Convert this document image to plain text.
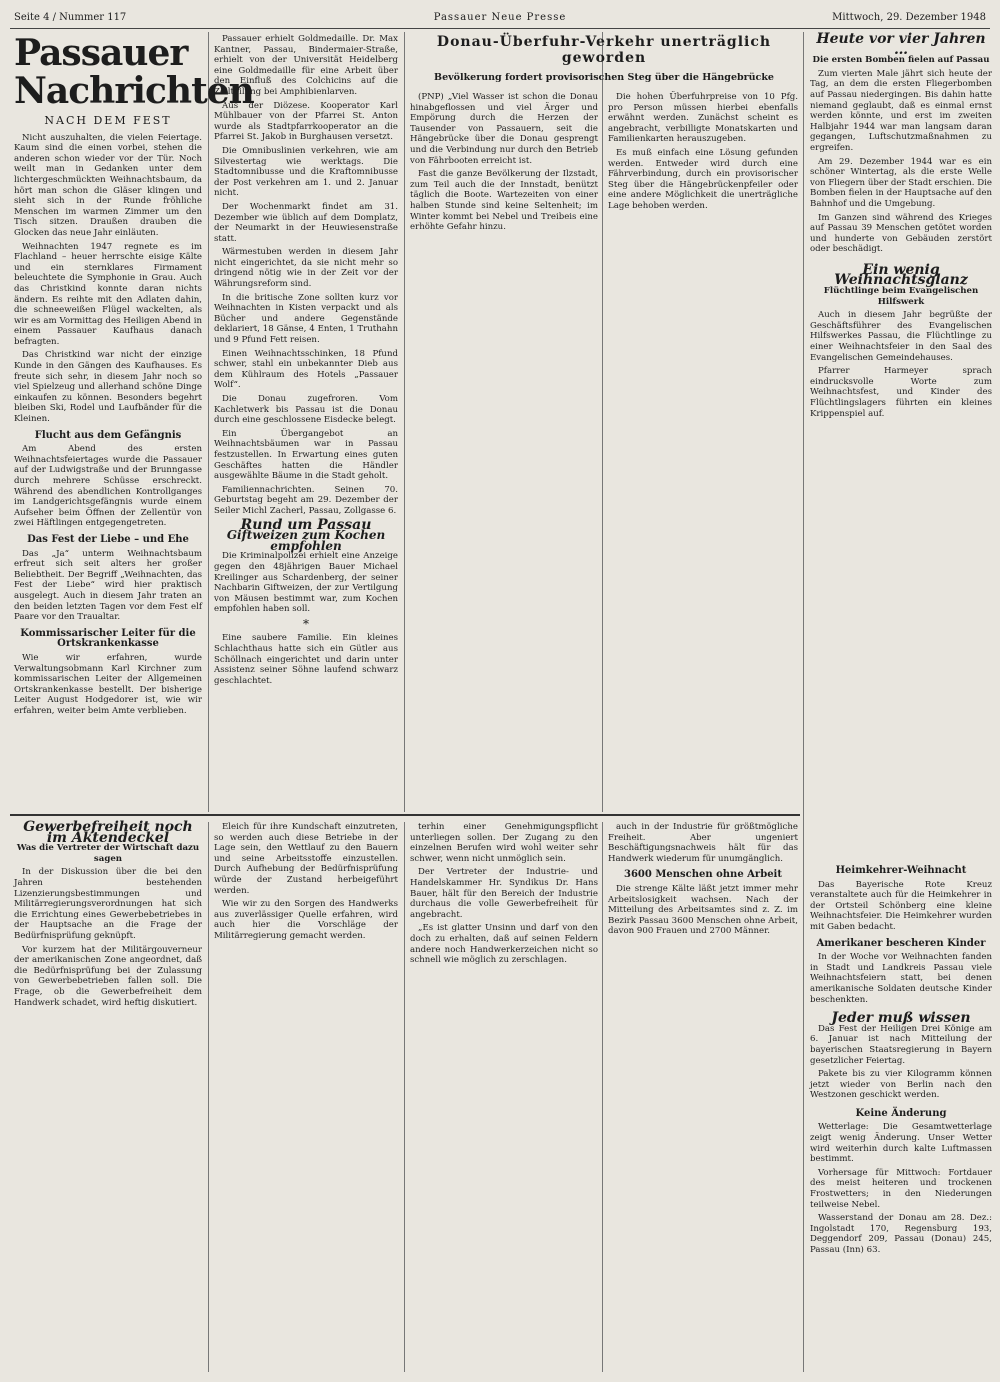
Seite 4 / Nummer 117	Passauer Neue Presse	Mittwoch, 29. Dezember 1948
Passauer Nachrichten
NACH DEM FEST

Nicht auszuhalten, die vielen Feiertage. Kaum sind die einen vorbei, stehen die anderen schon wieder vor der Tür. Noch weilt man in Gedanken unter dem lichtergeschmückten Weihnachtsbaum, da hört man schon die Gläser klingen und sieht sich in der Runde fröhliche Menschen im warmen Zimmer um den Tisch sitzen. Draußen drauben die Glocken das neue Jahr einläuten.

Weihnachten 1947 regnete es im Flachland – heuer herrschte eisige Kälte und ein sternklares Firmament beleuchtete die Symphonie in Grau. Auch das Christkind konnte daran nichts ändern. Es reihte mit den Adlaten dahin, die schneeweißen Flügel wackelten, als wir es am Vormittag des Heiligen Abend in einem Passauer Kaufhaus danach befragten.

Das Christkind war nicht der einzige Kunde in den Gängen des Kaufhauses. Es freute sich sehr, in diesem Jahr noch so viel Spielzeug und allerhand schöne Dinge einkaufen zu können. Besonders begehrt bleiben Ski, Rodel und Laufbänder für die Kleinen.

Flucht aus dem Gefängnis

Am Abend des ersten Weihnachtsfeiertages wurde die Passauer auf der Ludwigstraße und der Brunngasse durch mehrere Schüsse erschreckt. Während des abendlichen Kontrollganges im Landgerichtsgefängnis wurde einem Aufseher beim Öffnen der Zellentür von zwei Häftlingen entgegengetreten.

Das Fest der Liebe – und Ehe

Das „Ja“ unterm Weihnachtsbaum erfreut sich seit alters her großer Beliebtheit. Der Begriff „Weihnachten, das Fest der Liebe“ wird hier praktisch ausgelegt. Auch in diesem Jahr traten an den beiden letzten Tagen vor dem Fest elf Paare vor den Traualtar.

Kommissarischer Leiter für die Ortskrankenkasse

Wie wir erfahren, wurde Verwaltungsobmann Karl Kirchner zum kommissarischen Leiter der Allgemeinen Ortskrankenkasse bestellt. Der bisherige Leiter August Hodgedorer ist, wie wir erfahren, weiter beim Amte verblieben.

Passauer erhielt Goldmedaille. Dr. Max Kantner, Passau, Bindermaier-Straße, erhielt von der Universität Heidelberg eine Goldmedaille für eine Arbeit über den Einfluß des Colchicins auf die Zellteilung bei Amphibienlarven.

Aus der Diözese. Kooperator Karl Mühlbauer von der Pfarrei St. Anton wurde als Stadtpfarrkooperator an die Pfarrei St. Jakob in Burghausen versetzt.

Die Omnibuslinien verkehren, wie am Silvestertag wie werktags. Die Stadtomnibusse und die Kraftomnibusse der Post verkehren am 1. und 2. Januar nicht.

Der Wochenmarkt findet am 31. Dezember wie üblich auf dem Domplatz, der Neumarkt in der Heuwiesenstraße statt.

Wärmestuben werden in diesem Jahr nicht eingerichtet, da sie nicht mehr so dringend nötig wie in der Zeit vor der Währungsreform sind.

In die britische Zone sollten kurz vor Weihnachten in Kisten verpackt und als Bücher und andere Gegenstände deklariert, 18 Gänse, 4 Enten, 1 Truthahn und 9 Pfund Fett reisen.

Einen Weihnachtsschinken, 18 Pfund schwer, stahl ein unbekannter Dieb aus dem Kühlraum des Hotels „Passauer Wolf“.

Die Donau zugefroren. Vom Kachletwerk bis Passau ist die Donau durch eine geschlossene Eisdecke belegt.

Ein Übergangebot an Weihnachtsbäumen war in Passau festzustellen. In Erwartung eines guten Geschäftes hatten die Händler ausgewählte Bäume in die Stadt geholt.

Familiennachrichten. Seinen 70. Geburtstag begeht am 29. Dezember der Seiler Michl Zacherl, Passau, Zollgasse 6.

Rund um Passau
Giftweizen zum Kochen empfohlen

Die Kriminalpolizei erhielt eine Anzeige gegen den 48jährigen Bauer Michael Kreilinger aus Schardenberg, der seiner Nachbarin Giftweizen, der zur Vertilgung von Mäusen bestimmt war, zum Kochen empfohlen haben soll.

*

Eine saubere Familie. Ein kleines Schlachthaus hatte sich ein Gütler aus Schöllnach eingerichtet und darin unter Assistenz seiner Söhne laufend schwarz geschlachtet.

Donau-Überfuhr-Verkehr unerträglich geworden
Bevölkerung fordert provisorischen Steg über die Hängebrücke

(PNP) „Viel Wasser ist schon die Donau hinabgeflossen und viel Ärger und Empörung durch die Herzen der Tausender von Passauern, seit die Hängebrücke über die Donau gesprengt und die Verbindung nur durch den Betrieb von Fährbooten erreicht ist.

Fast die ganze Bevölkerung der Ilzstadt, zum Teil auch die der Innstadt, benützt täglich die Boote. Wartezeiten von einer halben Stunde sind keine Seltenheit; im Winter kommt bei Nebel und Treibeis eine erhöhte Gefahr hinzu.

Die hohen Überfuhrpreise von 10 Pfg. pro Person müssen hierbei ebenfalls erwähnt werden. Zunächst scheint es angebracht, verbilligte Monatskarten und Familienkarten herauszugeben.

Es muß einfach eine Lösung gefunden werden. Entweder wird durch eine Fährverbindung, durch ein provisorischer Steg über die Hängebrückenpfeiler oder eine andere Möglichkeit die unerträgliche Lage behoben werden.

Heute vor vier Jahren …
Die ersten Bomben fielen auf Passau

Zum vierten Male jährt sich heute der Tag, an dem die ersten Fliegerbomben auf Passau niedergingen. Bis dahin hatte niemand geglaubt, daß es einmal ernst werden könnte, und erst im zweiten Halbjahr 1944 war man langsam daran gegangen, Luftschutzmaßnahmen zu ergreifen.

Am 29. Dezember 1944 war es ein schöner Wintertag, als die erste Welle von Fliegern über der Stadt erschien. Die Bomben fielen in der Hauptsache auf den Bahnhof und die Umgebung.

Im Ganzen sind während des Krieges auf Passau 39 Menschen getötet worden und hunderte von Gebäuden zerstört oder beschädigt.

Ein wenig Weihnachtsglanz
Flüchtlinge beim Evangelischen Hilfswerk

Auch in diesem Jahr begrüßte der Geschäftsführer des Evangelischen Hilfswerkes Passau, die Flüchtlinge zu einer Weihnachtsfeier in den Saal des Evangelischen Gemeindehauses.

Pfarrer Harmeyer sprach eindrucksvolle Worte zum Weihnachtsfest, und Kinder des Flüchtlingslagers führten ein kleines Krippenspiel auf.

Gewerbefreiheit noch im Aktendeckel
Was die Vertreter der Wirtschaft dazu sagen

In der Diskussion über die bei den Jahren bestehenden Lizenzierungsbestimmungen und Militärregierungsverordnungen hat sich die Errichtung eines Gewerbebetriebes in der Hauptsache an die Frage der Bedürfnisprüfung geknüpft.

Vor kurzem hat der Militärgouverneur der amerikanischen Zone angeordnet, daß die Bedürfnisprüfung bei der Zulassung von Gewerbebetrieben fallen soll. Die Frage, ob die Gewerbefreiheit dem Handwerk schadet, wird heftig diskutiert.

Eleich für ihre Kundschaft einzutreten, so werden auch diese Betriebe in der Lage sein, den Wettlauf zu den Bauern und seine Arbeitsstoffe einzustellen. Durch Aufhebung der Bedürfnisprüfung würde der Zustand herbeigeführt werden.

Wie wir zu den Sorgen des Handwerks aus zuverlässiger Quelle erfahren, wird auch hier die Vorschläge der Militärregierung gemacht werden.

terhin einer Genehmigungspflicht unterliegen sollen. Der Zugang zu den einzelnen Berufen wird wohl weiter sehr schwer, wenn nicht unmöglich sein.

Der Vertreter der Industrie- und Handelskammer Hr. Syndikus Dr. Hans Bauer, hält für den Bereich der Industrie durchaus die volle Gewerbefreiheit für angebracht.

„Es ist glatter Unsinn und darf von den doch zu erhalten, daß auf seinen Feldern andere noch Handwerkerzeichen nicht so schnell wie möglich zu zerschlagen.

auch in der Industrie für größtmögliche Freiheit. Aber ungeniert Beschäftigungsnachweis hält für das Handwerk wiederum für unumgänglich.

3600 Menschen ohne Arbeit

Die strenge Kälte läßt jetzt immer mehr Arbeitslosigkeit wachsen. Nach der Mitteilung des Arbeitsamtes sind z. Z. im Bezirk Passau 3600 Menschen ohne Arbeit, davon 900 Frauen und 2700 Männer.

Heimkehrer-Weihnacht

Das Bayerische Rote Kreuz veranstaltete auch für die Heimkehrer in der Ortsteil Schönberg eine kleine Weihnachtsfeier. Die Heimkehrer wurden mit Gaben bedacht.

Amerikaner bescheren Kinder

In der Woche vor Weihnachten fanden in Stadt und Landkreis Passau viele Weihnachtsfeiern statt, bei denen amerikanische Soldaten deutsche Kinder beschenkten.

Jeder muß wissen

Das Fest der Heiligen Drei Könige am 6. Januar ist nach Mitteilung der bayerischen Staatsregierung in Bayern gesetzlicher Feiertag.

Pakete bis zu vier Kilogramm können jetzt wieder von Berlin nach den Westzonen geschickt werden.

Keine Änderung

Wetterlage: Die Gesamtwetterlage zeigt wenig Änderung. Unser Wetter wird weiterhin durch kalte Luftmassen bestimmt.

Vorhersage für Mittwoch: Fortdauer des meist heiteren und trockenen Frostwetters; in den Niederungen teilweise Nebel.

Wasserstand der Donau am 28. Dez.: Ingolstadt 170, Regensburg 193, Deggendorf 209, Passau (Donau) 245, Passau (Inn) 63.
